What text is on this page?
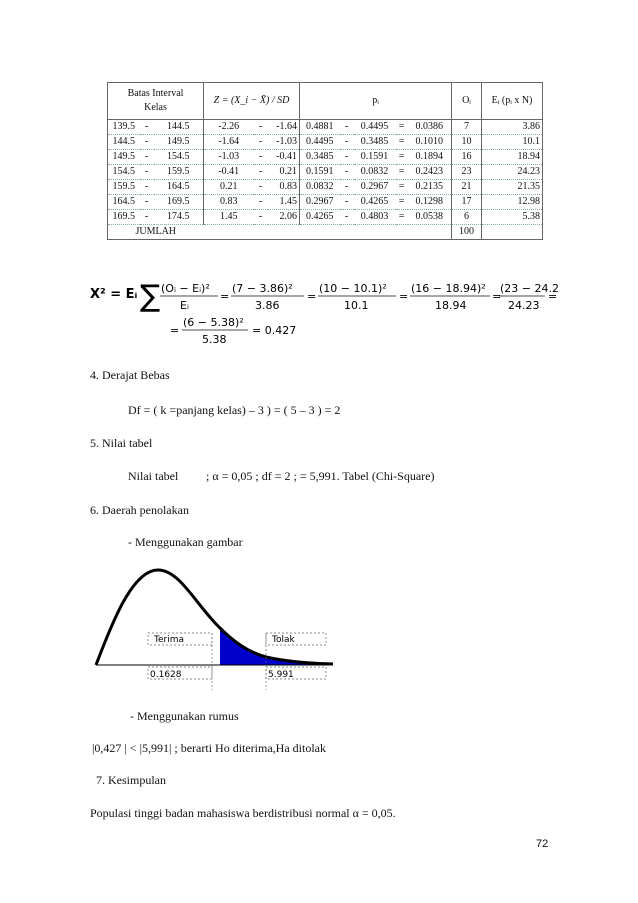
Batas Interval
Kelas			Z = (X_i − X̄) / SD			pᵢ					Oᵢ	Eᵢ (pᵢ x N)
139.5	-	144.5	-2.26	-	-1.64	0.4881	-	0.4495	=	0.0386	7	3.86
144.5	-	149.5	-1.64	-	-1.03	0.4495	-	0.3485	=	0.1010	10	10.1
149.5	-	154.5	-1.03	-	-0.41	0.3485	-	0.1591	=	0.1894	16	18.94
154.5	-	159.5	-0.41	-	0.21	0.1591	-	0.0832	=	0.2423	23	24.23
159.5	-	164.5	0.21	-	0.83	0.0832	-	0.2967	=	0.2135	21	21.35
164.5	-	169.5	0.83	-	1.45	0.2967	-	0.4265	=	0.1298	17	12.98
169.5	-	174.5	1.45	-	2.06	0.4265	-	0.4803	=	0.0538	6	5.38
JUMLAH											100	
X² = Eᵢ ∑ (Oᵢ − Eᵢ)²
Eᵢ
=
(7 − 3.86)²
3.86
=
(10 − 10.1)²
10.1
=
(16 − 18.94)²
18.94
=
(23 − 24.2
24.23
=
=
(6 − 5.38)²
5.38
= 0.427
4. Derajat Bebas
Df = ( k =panjang kelas) – 3 ) = ( 5 – 3 ) = 2
5. Nilai tabel
Nilai tabel ; α = 0,05 ; df = 2 ; = 5,991. Tabel (Chi-Square)
6. Daerah penolakan
- Menggunakan gambar
Terima	Tolak
0.1628	5.991
- Menggunakan rumus
|0,427 | < |5,991| ; berarti Ho diterima,Ha ditolak
7. Kesimpulan
Populasi tinggi badan mahasiswa berdistribusi normal α = 0,05.
72
